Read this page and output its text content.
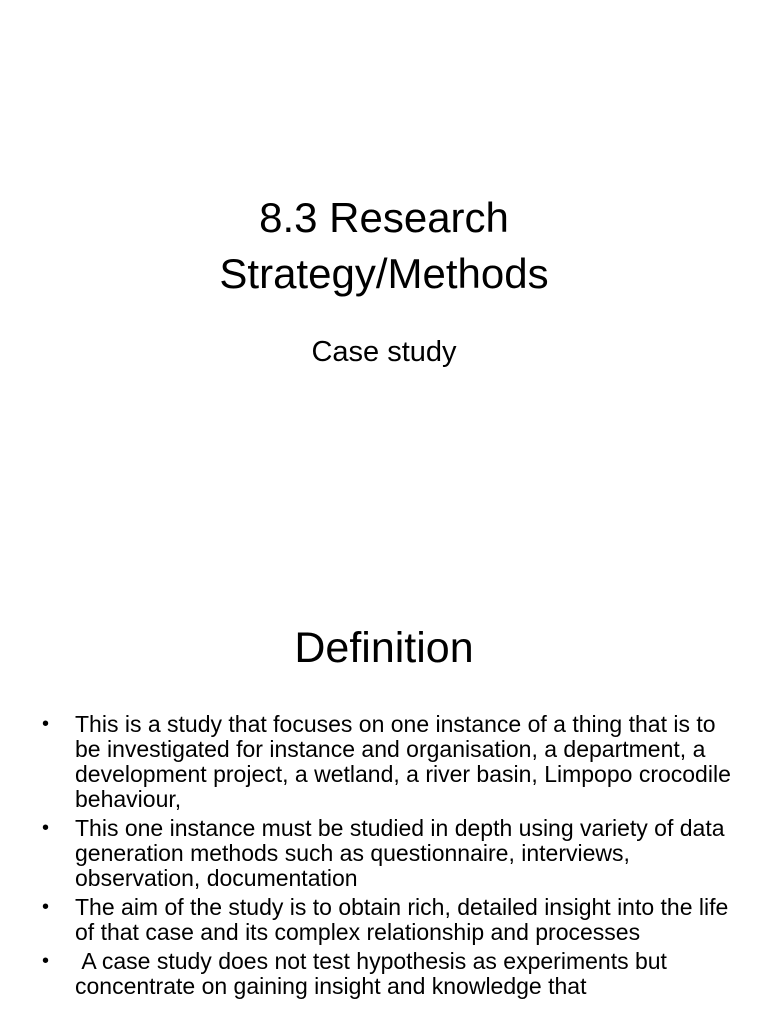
8.3 Research
Strategy/Methods
Case study
Definition
• This is a study that focuses on one instance of a thing that is to be investigated for instance and organisation, a department, a development project, a wetland, a river basin, Limpopo crocodile behaviour,
• This one instance must be studied in depth using variety of data generation methods such as questionnaire, interviews, observation, documentation
• The aim of the study is to obtain rich, detailed insight into the life of that case and its complex relationship and processes
• A case study does not test hypothesis as experiments but concentrate on gaining insight and knowledge that
